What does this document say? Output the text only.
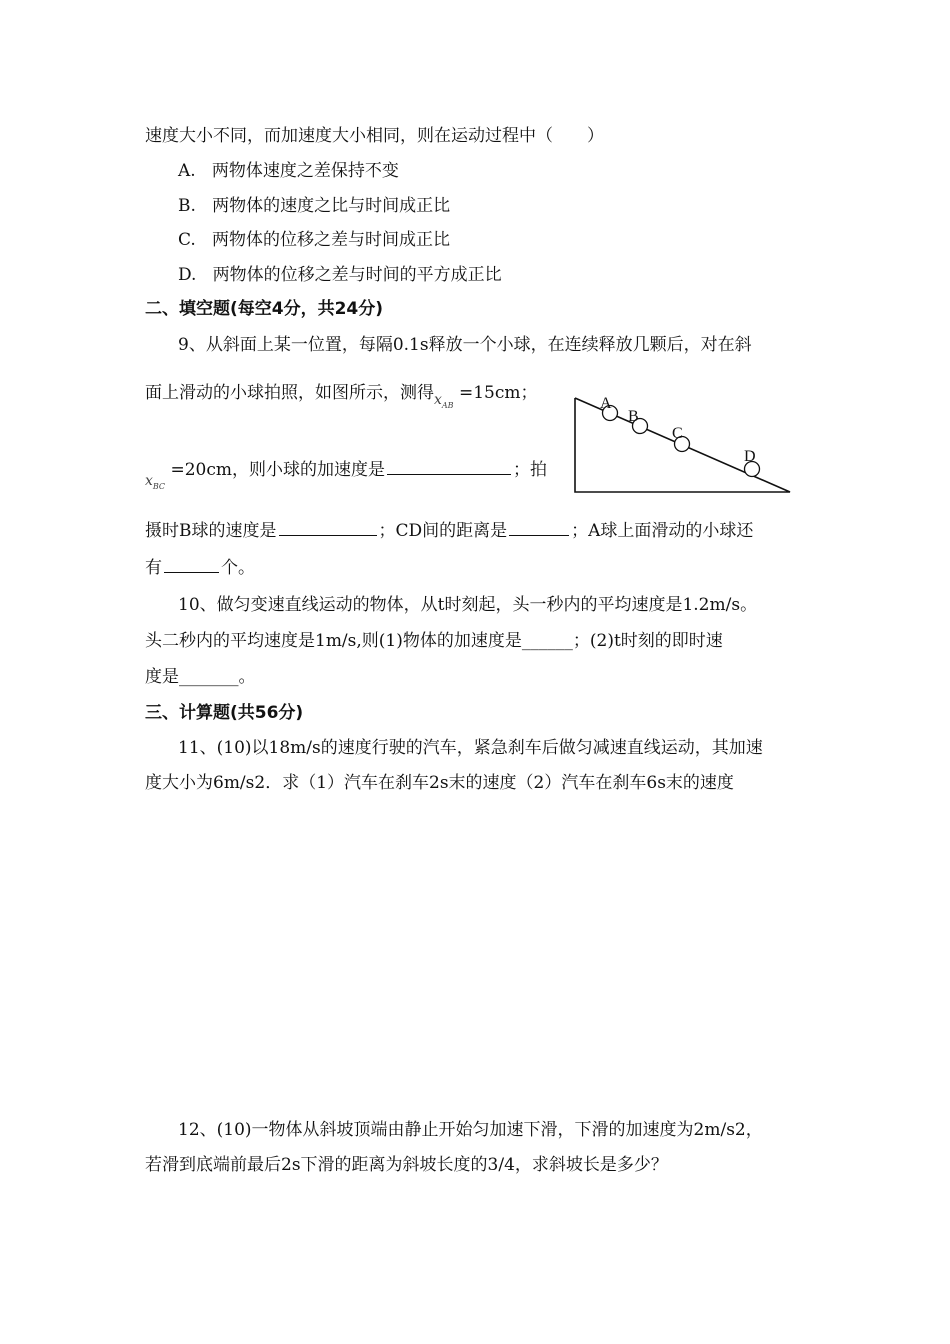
速度大小不同，而加速度大小相同，则在运动过程中（　　）
A. 两物体速度之差保持不变
B. 两物体的速度之比与时间成正比
C. 两物体的位移之差与时间成正比
D. 两物体的位移之差与时间的平方成正比
二、填空题(每空4分，共24分)
9、从斜面上某一位置，每隔0.1s释放一个小球，在连续释放几颗后，对在斜
面上滑动的小球拍照，如图所示，测得$_{x_{AB}}$ =15cm；
A
B
C
D
$_{x_{BC}}$ =20cm，则小球的加速度是	；拍
摄时B球的速度是	；CD间的距离是	；A球上面滑动的小球还
有	个。
10、做匀变速直线运动的物体，从t时刻起，头一秒内的平均速度是1.2m/s。
头二秒内的平均速度是1m/s,则(1)物体的加速度是______；(2)t时刻的即时速
度是_______。
三、计算题(共56分)
11、(10)以18m/s的速度行驶的汽车，紧急刹车后做匀减速直线运动，其加速
度大小为6m/s2．求（1）汽车在刹车2s末的速度（2）汽车在刹车6s末的速度
12、(10)一物体从斜坡顶端由静止开始匀加速下滑，下滑的加速度为2m/s2，
若滑到底端前最后2s下滑的距离为斜坡长度的3/4，求斜坡长是多少？
